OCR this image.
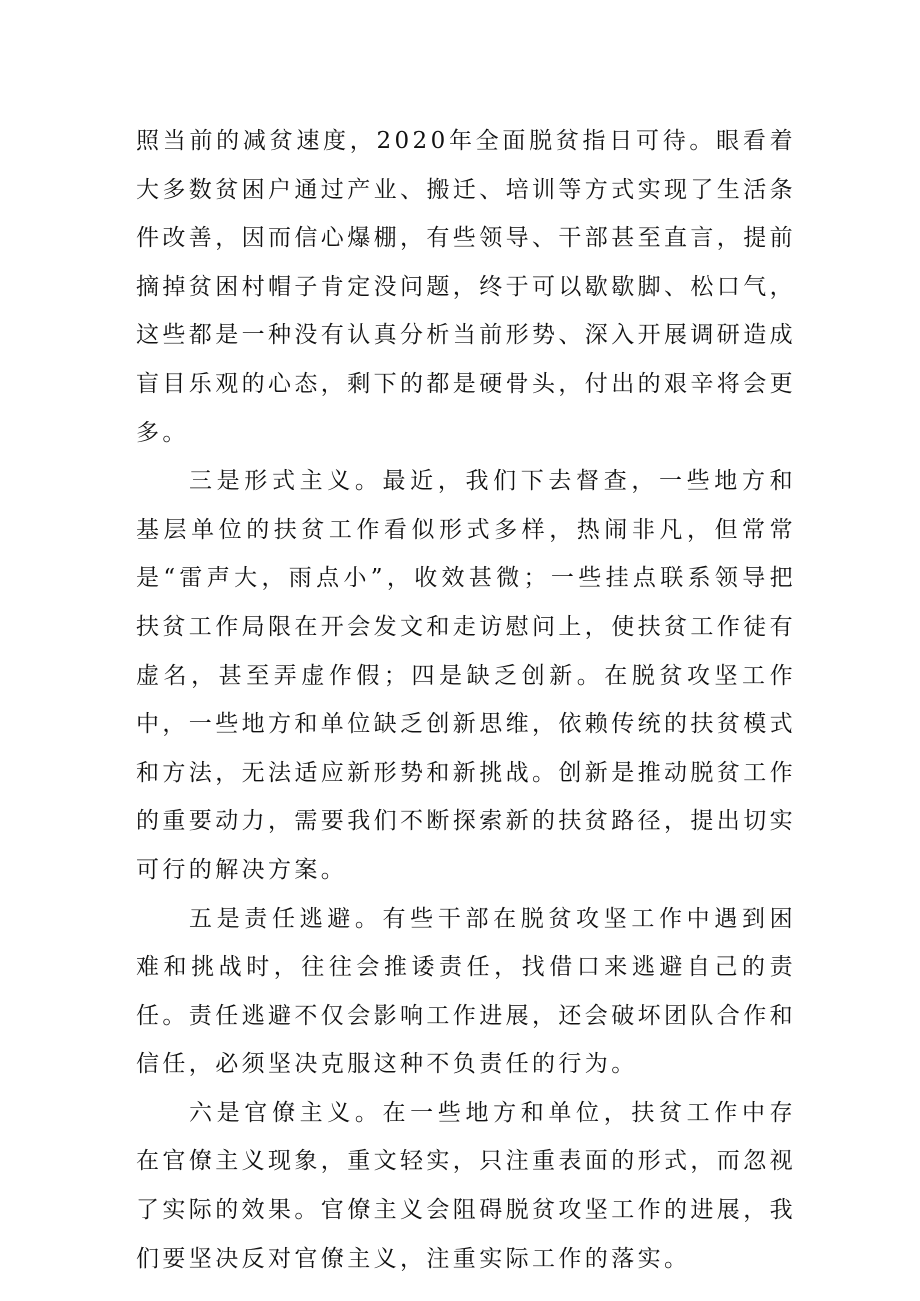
照当前的减贫速度，2020年全面脱贫指日可待。眼看着大多数贫困户通过产业、搬迁、培训等方式实现了生活条件改善，因而信心爆棚，有些领导、干部甚至直言，提前摘掉贫困村帽子肯定没问题，终于可以歇歇脚、松口气，这些都是一种没有认真分析当前形势、深入开展调研造成盲目乐观的心态，剩下的都是硬骨头，付出的艰辛将会更多。

三是形式主义。最近，我们下去督查，一些地方和基层单位的扶贫工作看似形式多样，热闹非凡，但常常是“雷声大，雨点小”，收效甚微；一些挂点联系领导把扶贫工作局限在开会发文和走访慰问上，使扶贫工作徒有虚名，甚至弄虚作假；四是缺乏创新。在脱贫攻坚工作中，一些地方和单位缺乏创新思维，依赖传统的扶贫模式和方法，无法适应新形势和新挑战。创新是推动脱贫工作的重要动力，需要我们不断探索新的扶贫路径，提出切实可行的解决方案。

五是责任逃避。有些干部在脱贫攻坚工作中遇到困难和挑战时，往往会推诿责任，找借口来逃避自己的责任。责任逃避不仅会影响工作进展，还会破坏团队合作和信任，必须坚决克服这种不负责任的行为。

六是官僚主义。在一些地方和单位，扶贫工作中存在官僚主义现象，重文轻实，只注重表面的形式，而忽视了实际的效果。官僚主义会阻碍脱贫攻坚工作的进展，我们要坚决反对官僚主义，注重实际工作的落实。
